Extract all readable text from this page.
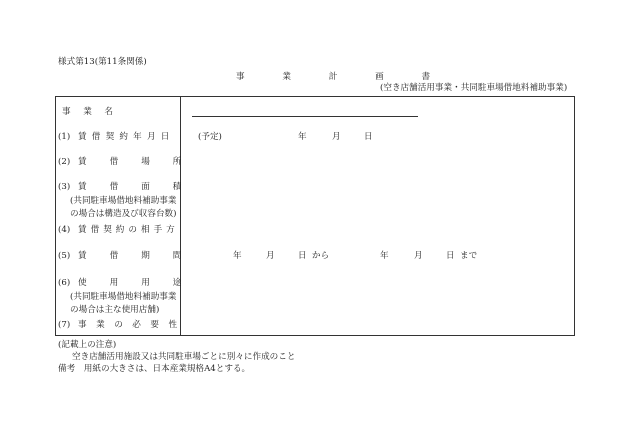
様式第13(第11条関係)
事　　　業　　　計　　　画　　　書
(空き店舗活用事業・共同駐車場借地料補助事業)
事　業　名
(1) 賃借契約年月日	(予定)	年	月	日
(2) 賃借場所
(3) 賃借面積
(共同駐車場借地料補助事業
の場合は構造及び収容台数)
(4) 賃借契約の相手方
(5) 賃借期間	年	月	日 から	年	月	日 まで
(6) 使用用途
(共同駐車場借地料補助事業
の場合は主な使用店舗)
(7) 事業の必要性
(記載上の注意)
空き店舗活用施設又は共同駐車場ごとに別々に作成のこと
備考　用紙の大きさは、日本産業規格A4とする。
